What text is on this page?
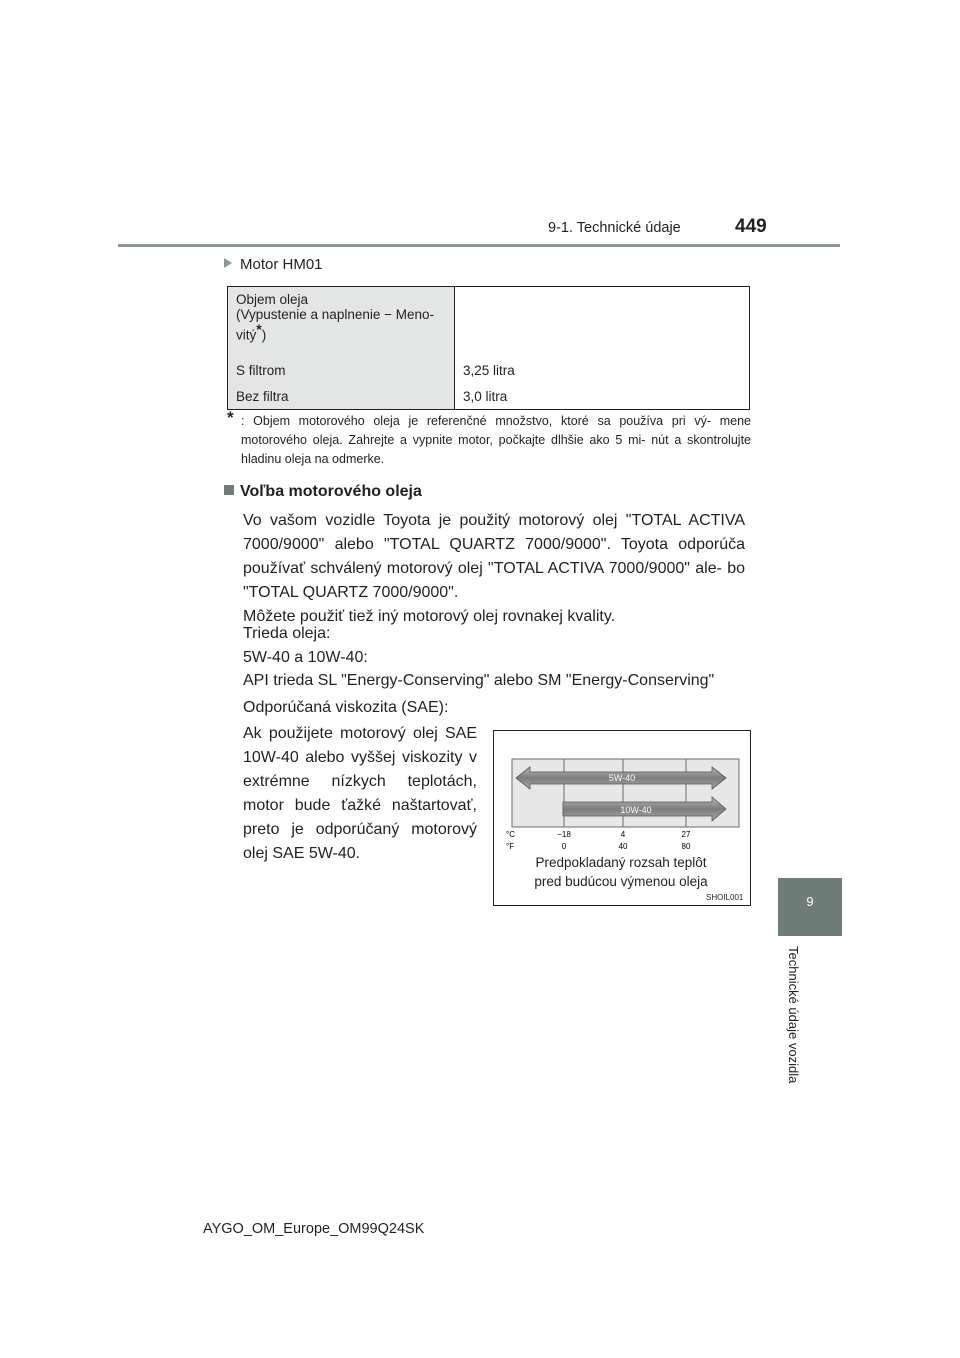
9-1. Technické údaje	449
9
Technické údaje vozidla
Motor HM01
Objem oleja
(Vypustenie a naplnenie − Meno-
vitý*)	
S filtrom	3,25 litra
Bez filtra	3,0 litra
* : Objem motorového oleja je referenčné množstvo, ktoré sa používa pri vý- mene motorového oleja. Zahrejte a vypnite motor, počkajte dlhšie ako 5 mi- nút a skontrolujte hladinu oleja na odmerke.
Voľba motorového oleja
Vo vašom vozidle Toyota je použitý motorový olej "TOTAL ACTIVA 7000/9000" alebo "TOTAL QUARTZ 7000/9000". Toyota odporúča používať schválený motorový olej "TOTAL ACTIVA 7000/9000" ale- bo "TOTAL QUARTZ 7000/9000".
Môžete použiť tiež iný motorový olej rovnakej kvality.
Trieda oleja:
5W-40 a 10W-40:
API trieda SL "Energy-Conserving" alebo SM "Energy-Conserving"
Odporúčaná viskozita (SAE):
Ak použijete motorový olej SAE 10W-40 alebo vyššej viskozity v extrémne nízkych teplotách, motor bude ťažké naštartovať, preto je odporúčaný motorový olej SAE 5W-40.
5W-40
10W-40
°C
°F
−18	4	27
0	40	80
Predpokladaný rozsah teplôt
pred budúcou výmenou oleja
SHOIL001
AYGO_OM_Europe_OM99Q24SK
